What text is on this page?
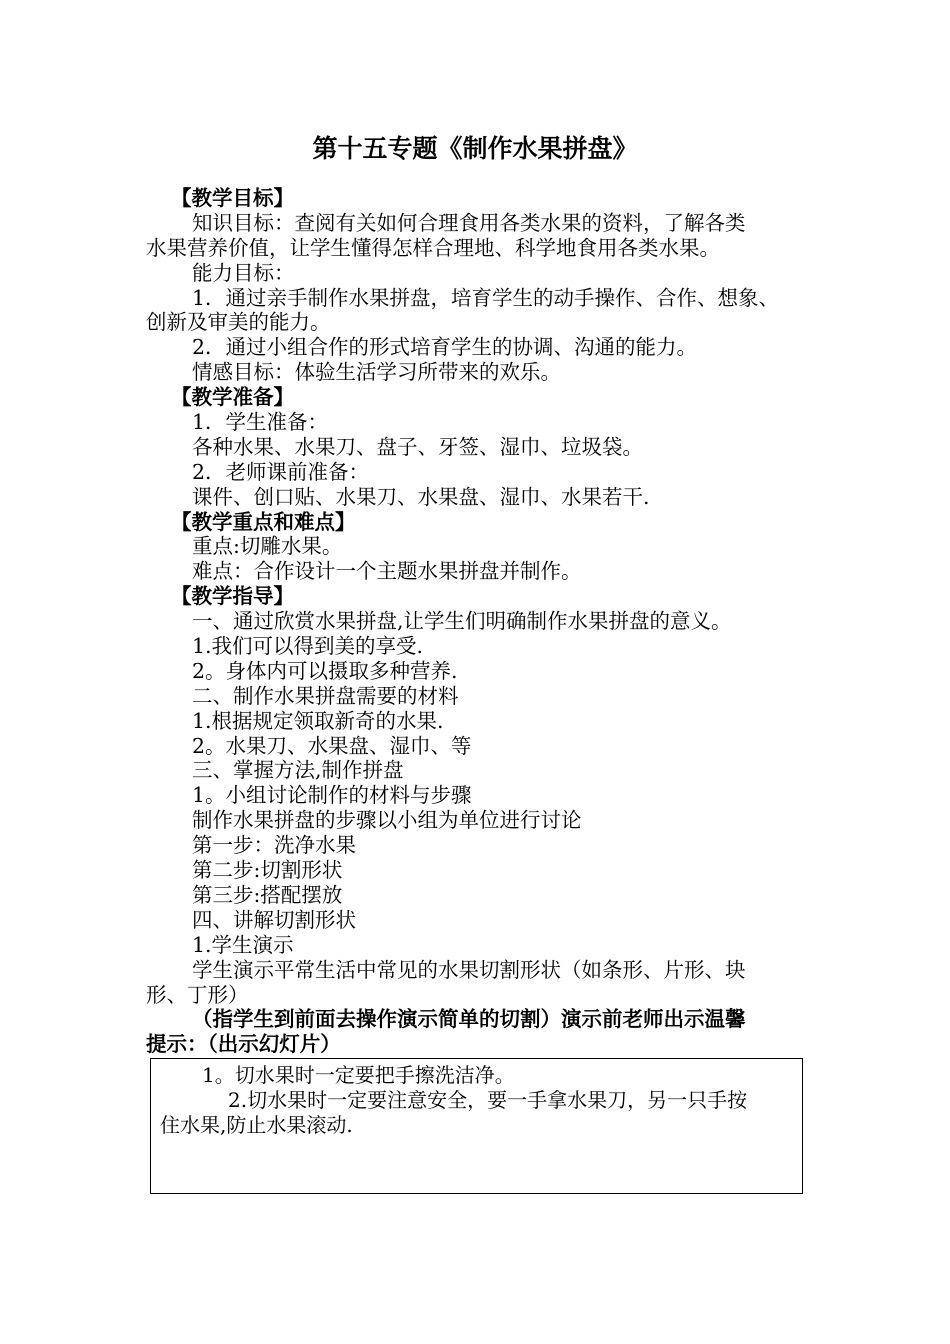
第十五专题《制作水果拼盘》

【教学目标】

知识目标：查阅有关如何合理食用各类水果的资料，了解各类

水果营养价值，让学生懂得怎样合理地、科学地食用各类水果。

能力目标：

1．通过亲手制作水果拼盘，培育学生的动手操作、合作、想象、

创新及审美的能力。

2．通过小组合作的形式培育学生的协调、沟通的能力。

情感目标：体验生活学习所带来的欢乐。

【教学准备】

1．学生准备：

各种水果、水果刀、盘子、牙签、湿巾、垃圾袋。

2．老师课前准备：

课件、创口贴、水果刀、水果盘、湿巾、水果若干.

【教学重点和难点】

重点:切雕水果。

难点：合作设计一个主题水果拼盘并制作。

【教学指导】

一、通过欣赏水果拼盘,让学生们明确制作水果拼盘的意义。

1.我们可以得到美的享受.

2。身体内可以摄取多种营养.

二、制作水果拼盘需要的材料

1.根据规定领取新奇的水果.

2。水果刀、水果盘、湿巾、等

三、掌握方法,制作拼盘

1。小组讨论制作的材料与步骤

制作水果拼盘的步骤以小组为单位进行讨论

第一步：洗净水果

第二步:切割形状

第三步:搭配摆放

四、讲解切割形状

1.学生演示

学生演示平常生活中常见的水果切割形状（如条形、片形、块

形、丁形）

（指学生到前面去操作演示简单的切割）演示前老师出示温馨

提示：（出示幻灯片）

1。切水果时一定要把手擦洗洁净。

2.切水果时一定要注意安全，要一手拿水果刀，另一只手按

住水果,防止水果滚动.
